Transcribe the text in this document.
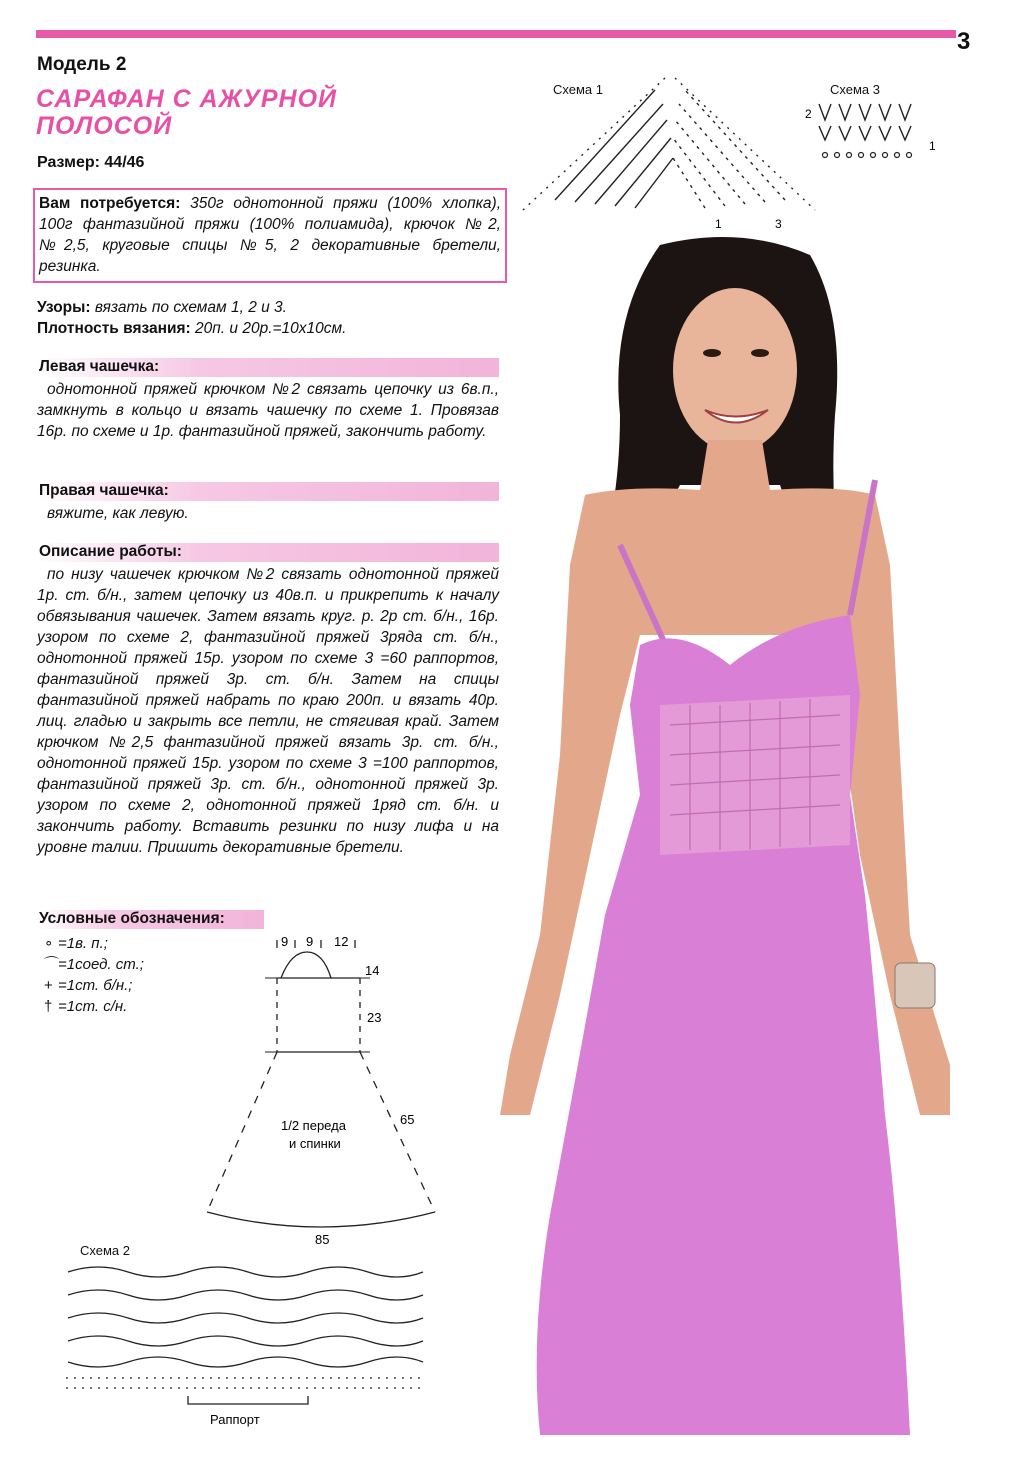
3
Модель 2
САРАФАН С АЖУРНОЙ ПОЛОСОЙ
Размер: 44/46
Вам потребуется: 350г однотонной пряжи (100% хлопка), 100г фантазийной пряжи (100% полиамида), крючок №2, №2,5, круговые спицы №5, 2 декоративные бретели, резинка.
Узоры: вязать по схемам 1, 2 и 3.
Плотность вязания: 20п. и 20р.=10х10см.
Левая чашечка:
однотонной пряжей крючком №2 связать цепочку из 6в.п., замкнуть в кольцо и вязать чашечку по схеме 1. Провязав 16р. по схеме и 1р. фантазийной пряжей, закончить работу.
Правая чашечка:
вяжите, как левую.
Описание работы:
по низу чашечек крючком №2 связать однотонной пряжей 1р. ст. б/н., затем цепочку из 40в.п. и прикрепить к началу обвязывания чашечек. Затем вязать круг. р. 2р ст. б/н., 16р. узором по схеме 2, фантазийной пряжей 3ряда ст. б/н., однотонной пряжей 15р. узором по схеме 3 =60 раппортов, фантазийной пряжей 3р. ст. б/н. Затем на спицы фантазийной пряжей набрать по краю 200п. и вязать 40р. лиц. гладью и закрыть все петли, не стягивая край. Затем крючком №2,5 фантазийной пряжей вязать 3р. ст. б/н., однотонной пряжей 15р. узором по схеме 3 =100 раппортов, фантазийной пряжей 3р. ст. б/н., однотонной пряжей 3р. узором по схеме 2, однотонной пряжей 1ряд ст. б/н. и закончить работу. Вставить резинки по низу лифа и на уровне талии. Пришить декоративные бретели.
Условные обозначения:
∘ =1в. п.;
⌒=1соед. ст.;
+ =1ст. б/н.;
† =1ст. с/н.
Схема 1
1	3
Схема 3
2
1
9 9 12
14
23
65
85
1/2 переда
и спинки
Схема 2
Раппорт
